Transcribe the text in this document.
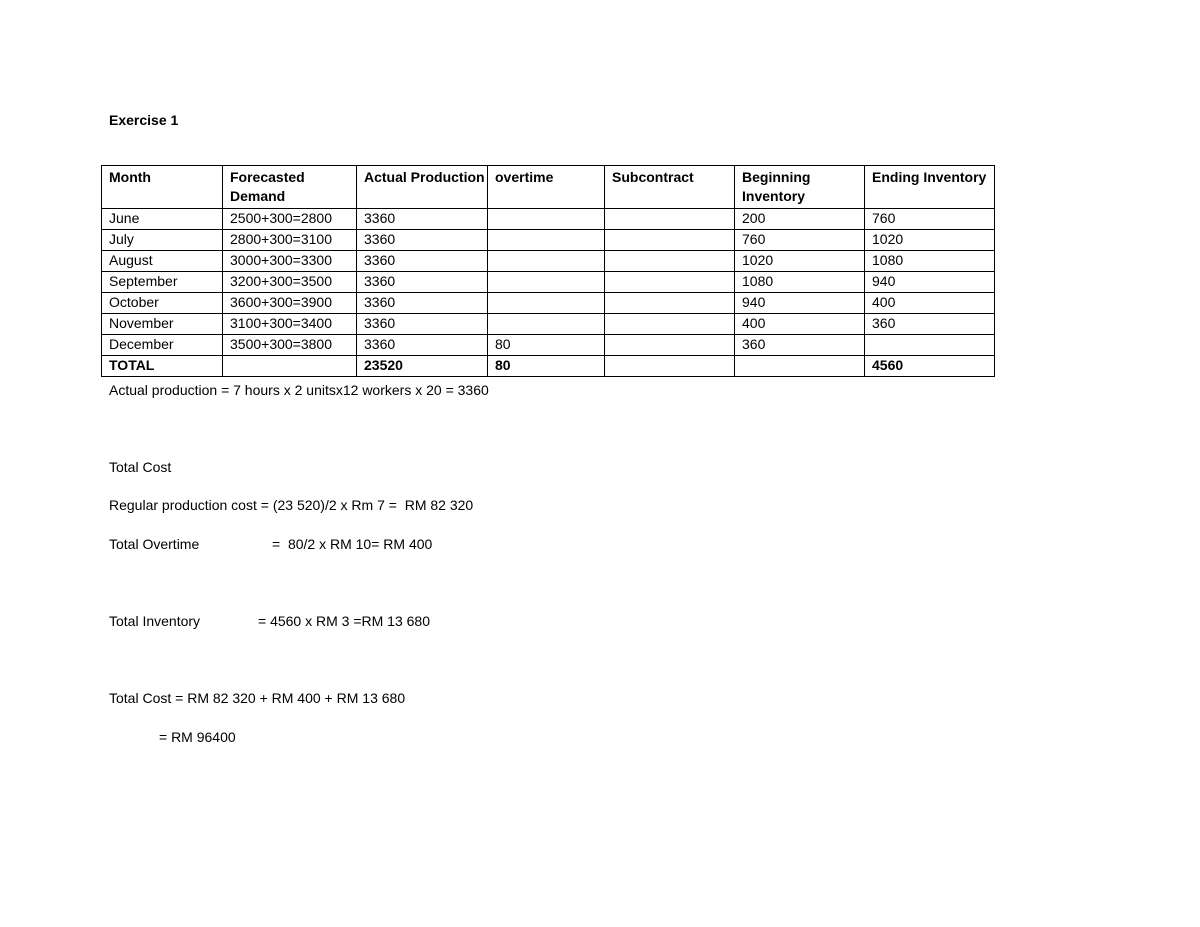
Exercise 1
Month	Forecasted Demand	Actual Production	overtime	Subcontract	Beginning Inventory	Ending Inventory
June	2500+300=2800	3360			200	760
July	2800+300=3100	3360			760	1020
August	3000+300=3300	3360			1020	1080
September	3200+300=3500	3360			1080	940
October	3600+300=3900	3360			940	400
November	3100+300=3400	3360			400	360
December	3500+300=3800	3360	80		360	
TOTAL		23520	80			4560
Actual production = 7 hours x 2 unitsx12 workers x 20 = 3360
Total Cost
Regular production cost = (23 520)/2 x Rm 7 =  RM 82 320
Total Overtime	=  80/2 x RM 10= RM 400
Total Inventory	= 4560 x RM 3 =RM 13 680
Total Cost = RM 82 320 + RM 400 + RM 13 680
= RM 96400
